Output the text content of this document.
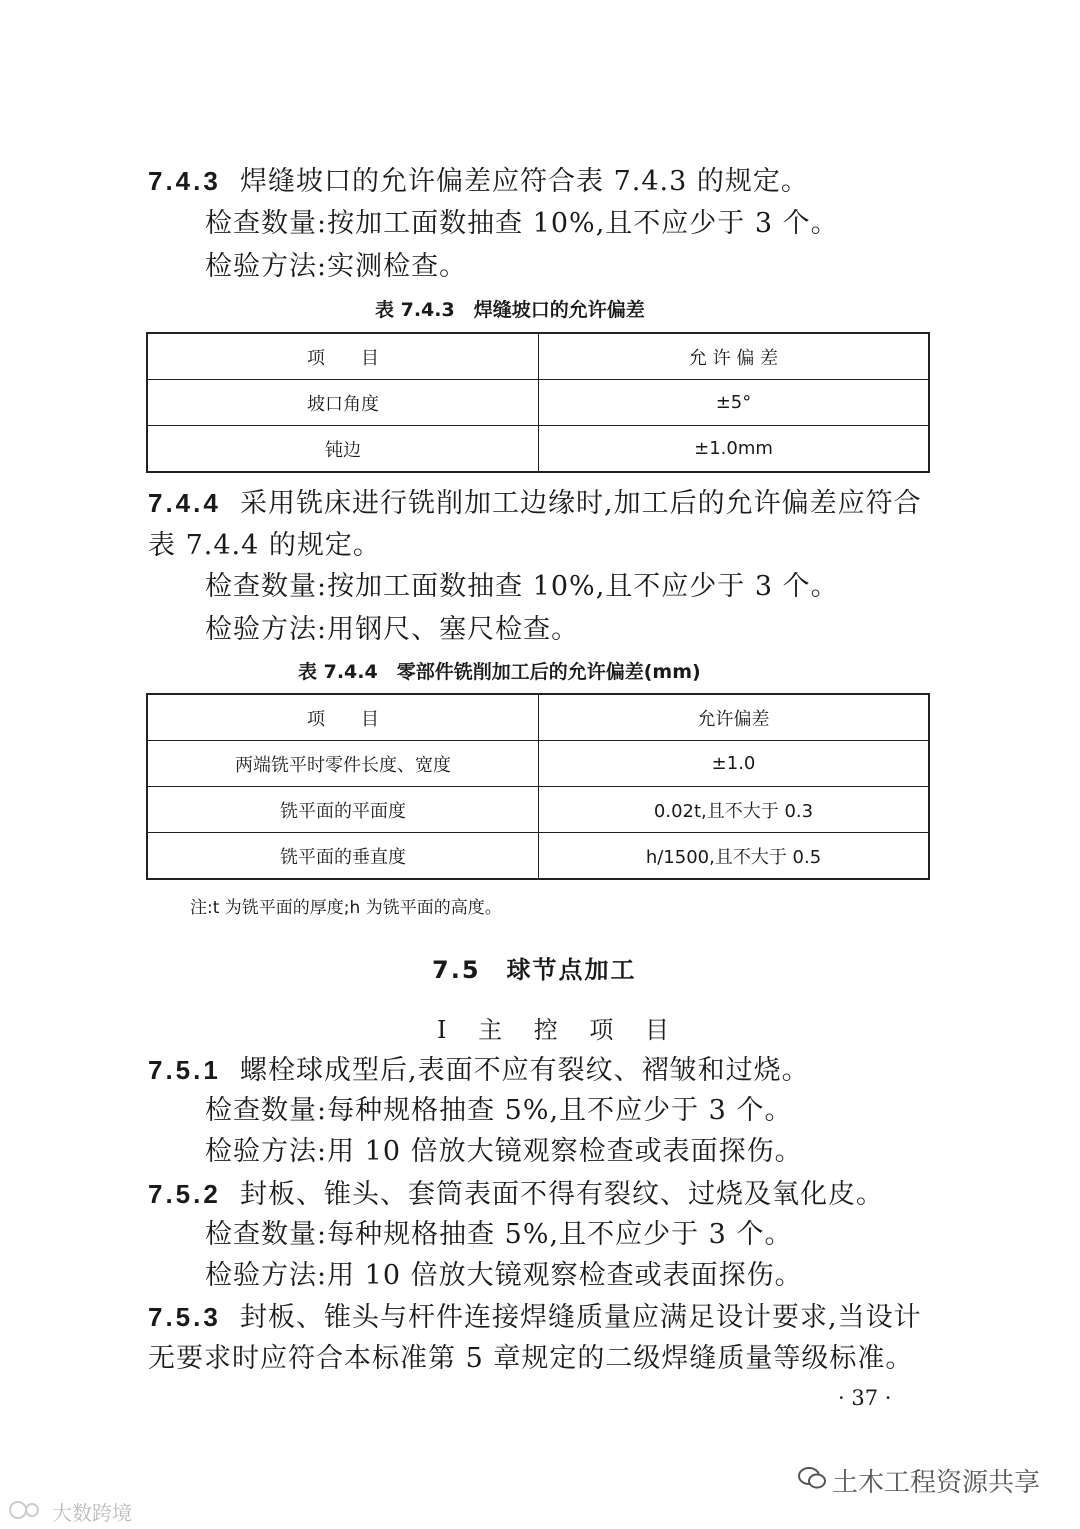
7.4.3 焊缝坡口的允许偏差应符合表 7.4.3 的规定。
检查数量:按加工面数抽查 10%,且不应少于 3 个。
检验方法:实测检查。
表 7.4.3　焊缝坡口的允许偏差
项　　目	允 许 偏 差
坡口角度	±5°
钝边	±1.0mm
7.4.4 采用铣床进行铣削加工边缘时,加工后的允许偏差应符合
表 7.4.4 的规定。
检查数量:按加工面数抽查 10%,且不应少于 3 个。
检验方法:用钢尺、塞尺检查。
表 7.4.4　零部件铣削加工后的允许偏差(mm)
项　　目	允许偏差
两端铣平时零件长度、宽度	±1.0
铣平面的平面度	0.02t,且不大于 0.3
铣平面的垂直度	h/1500,且不大于 0.5
注:t 为铣平面的厚度;h 为铣平面的高度。
7.5　球节点加工
Ⅰ 主 控 项 目
7.5.1 螺栓球成型后,表面不应有裂纹、褶皱和过烧。
检查数量:每种规格抽查 5%,且不应少于 3 个。
检验方法:用 10 倍放大镜观察检查或表面探伤。
7.5.2 封板、锥头、套筒表面不得有裂纹、过烧及氧化皮。
检查数量:每种规格抽查 5%,且不应少于 3 个。
检验方法:用 10 倍放大镜观察检查或表面探伤。
7.5.3 封板、锥头与杆件连接焊缝质量应满足设计要求,当设计
无要求时应符合本标准第 5 章规定的二级焊缝质量等级标准。
· 37 ·
土木工程资源共享
大数跨境
